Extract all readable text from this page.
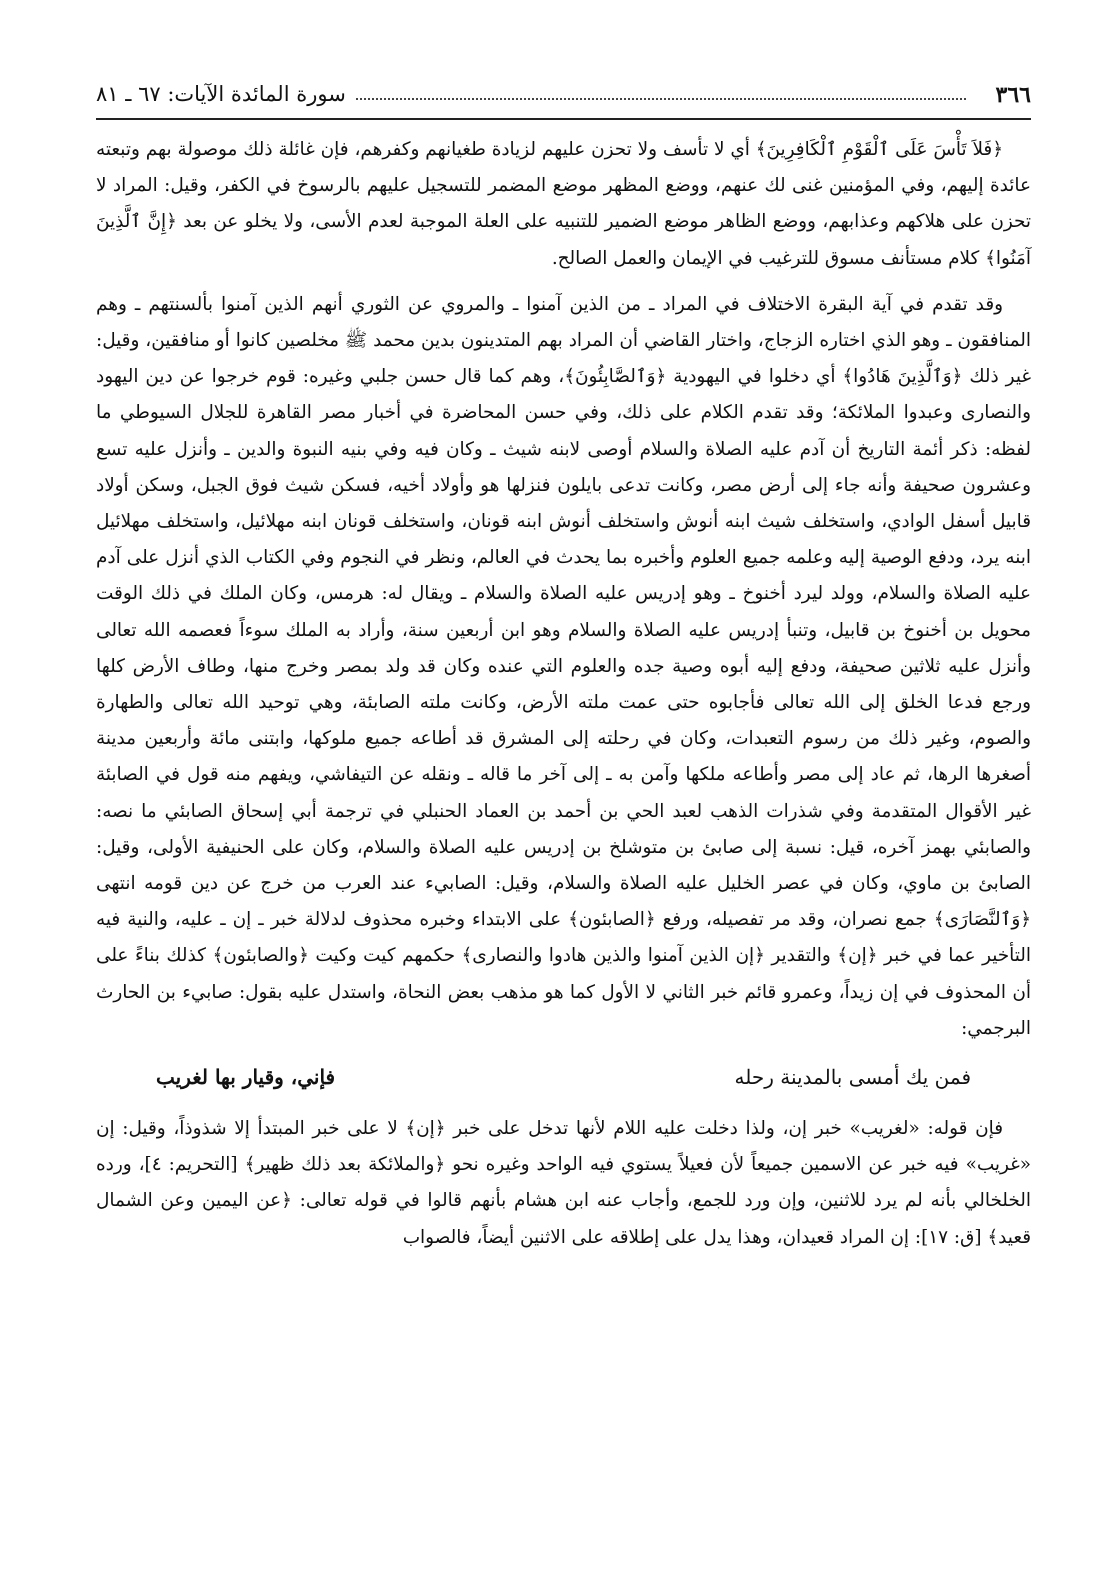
٣٦٦
سورة المائدة الآيات: ٦٧ ـ ٨١

﴿فَلاَ تَأْسَ عَلَى ٱلْقَوْمِ ٱلْكَافِرِينَ﴾ أي لا تأسف ولا تحزن عليهم لزيادة طغيانهم وكفرهم، فإن غائلة ذلك موصولة بهم وتبعته عائدة إليهم، وفي المؤمنين غنى لك عنهم، ووضع المظهر موضع المضمر للتسجيل عليهم بالرسوخ في الكفر، وقيل: المراد لا تحزن على هلاكهم وعذابهم، ووضع الظاهر موضع الضمير للتنبيه على العلة الموجبة لعدم الأسى، ولا يخلو عن بعد ﴿إِنَّ ٱلَّذِينَ آمَنُوا﴾ كلام مستأنف مسوق للترغيب في الإيمان والعمل الصالح.

وقد تقدم في آية البقرة الاختلاف في المراد ـ من الذين آمنوا ـ والمروي عن الثوري أنهم الذين آمنوا بألسنتهم ـ وهم المنافقون ـ وهو الذي اختاره الزجاج، واختار القاضي أن المراد بهم المتدينون بدين محمد ﷺ مخلصين كانوا أو منافقين، وقيل: غير ذلك ﴿وَٱلَّذِينَ هَادُوا﴾ أي دخلوا في اليهودية ﴿وَٱلصَّابِئُونَ﴾، وهم كما قال حسن جلبي وغيره: قوم خرجوا عن دين اليهود والنصارى وعبدوا الملائكة؛ وقد تقدم الكلام على ذلك، وفي حسن المحاضرة في أخبار مصر القاهرة للجلال السيوطي ما لفظه: ذكر أئمة التاريخ أن آدم عليه الصلاة والسلام أوصى لابنه شيث ـ وكان فيه وفي بنيه النبوة والدين ـ وأنزل عليه تسع وعشرون صحيفة وأنه جاء إلى أرض مصر، وكانت تدعى بايلون فنزلها هو وأولاد أخيه، فسكن شيث فوق الجبل، وسكن أولاد قابيل أسفل الوادي، واستخلف شيث ابنه أنوش واستخلف أنوش ابنه قونان، واستخلف قونان ابنه مهلائيل، واستخلف مهلائيل ابنه يرد، ودفع الوصية إليه وعلمه جميع العلوم وأخبره بما يحدث في العالم، ونظر في النجوم وفي الكتاب الذي أنزل على آدم عليه الصلاة والسلام، وولد ليرد أخنوخ ـ وهو إدريس عليه الصلاة والسلام ـ ويقال له: هرمس، وكان الملك في ذلك الوقت محويل بن أخنوخ بن قابيل، وتنبأ إدريس عليه الصلاة والسلام وهو ابن أربعين سنة، وأراد به الملك سوءاً فعصمه الله تعالى وأنزل عليه ثلاثين صحيفة، ودفع إليه أبوه وصية جده والعلوم التي عنده وكان قد ولد بمصر وخرج منها، وطاف الأرض كلها ورجع فدعا الخلق إلى الله تعالى فأجابوه حتى عمت ملته الأرض، وكانت ملته الصابئة، وهي توحيد الله تعالى والطهارة والصوم، وغير ذلك من رسوم التعبدات، وكان في رحلته إلى المشرق قد أطاعه جميع ملوكها، وابتنى مائة وأربعين مدينة أصغرها الرها، ثم عاد إلى مصر وأطاعه ملكها وآمن به ـ إلى آخر ما قاله ـ ونقله عن التيفاشي، ويفهم منه قول في الصابئة غير الأقوال المتقدمة وفي شذرات الذهب لعبد الحي بن أحمد بن العماد الحنبلي في ترجمة أبي إسحاق الصابئي ما نصه: والصابئي بهمز آخره، قيل: نسبة إلى صابئ بن متوشلخ بن إدريس عليه الصلاة والسلام، وكان على الحنيفية الأولى، وقيل: الصابئ بن ماوي، وكان في عصر الخليل عليه الصلاة والسلام، وقيل: الصابيء عند العرب من خرج عن دين قومه انتهى ﴿وَٱلنَّصَارَى﴾ جمع نصران، وقد مر تفصيله، ورفع ﴿الصابئون﴾ على الابتداء وخبره محذوف لدلالة خبر ـ إن ـ عليه، والنية فيه التأخير عما في خبر ﴿إن﴾ والتقدير ﴿إن الذين آمنوا والذين هادوا والنصارى﴾ حكمهم كيت وكيت ﴿والصابئون﴾ كذلك بناءً على أن المحذوف في إن زيداً، وعمرو قائم خبر الثاني لا الأول كما هو مذهب بعض النحاة، واستدل عليه بقول: صابيء بن الحارث البرجمي:

فمن يك أمسى بالمدينة رحله
فإني، وقيار بها لغريب

فإن قوله: «لغريب» خبر إن، ولذا دخلت عليه اللام لأنها تدخل على خبر ﴿إن﴾ لا على خبر المبتدأ إلا شذوذاً، وقيل: إن «غريب» فيه خبر عن الاسمين جميعاً لأن فعيلاً يستوي فيه الواحد وغيره نحو ﴿والملائكة بعد ذلك ظهير﴾ [التحريم: ٤]، ورده الخلخالي بأنه لم يرد للاثنين، وإن ورد للجمع، وأجاب عنه ابن هشام بأنهم قالوا في قوله تعالى: ﴿عن اليمين وعن الشمال قعيد﴾ [ق: ١٧]: إن المراد قعيدان، وهذا يدل على إطلاقه على الاثنين أيضاً، فالصواب
